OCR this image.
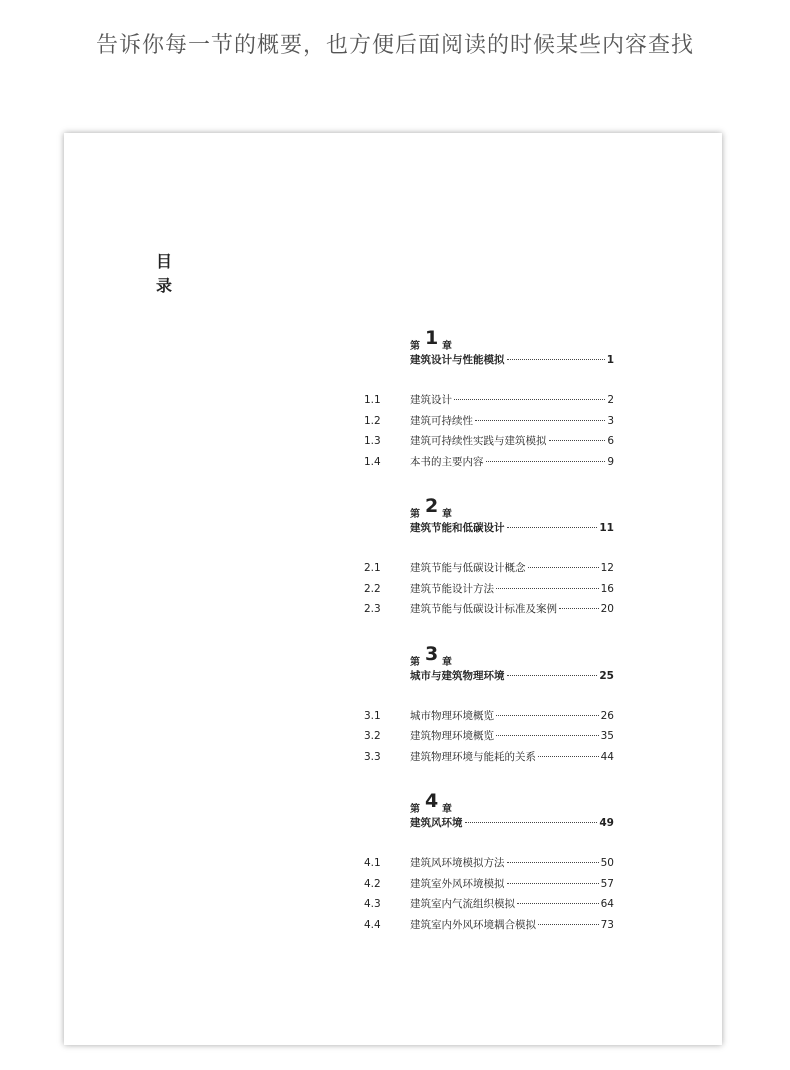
告诉你每一节的概要，也方便后面阅读的时候某些内容查找
目录
第 1 章
建筑设计与性能模拟	1
1.1	建筑设计	2
1.2	建筑可持续性	3
1.3	建筑可持续性实践与建筑模拟	6
1.4	本书的主要内容	9
第 2 章
建筑节能和低碳设计	11
2.1	建筑节能与低碳设计概念	12
2.2	建筑节能设计方法	16
2.3	建筑节能与低碳设计标准及案例	20
第 3 章
城市与建筑物理环境	25
3.1	城市物理环境概览	26
3.2	建筑物理环境概览	35
3.3	建筑物理环境与能耗的关系	44
第 4 章
建筑风环境	49
4.1	建筑风环境模拟方法	50
4.2	建筑室外风环境模拟	57
4.3	建筑室内气流组织模拟	64
4.4	建筑室内外风环境耦合模拟	73
